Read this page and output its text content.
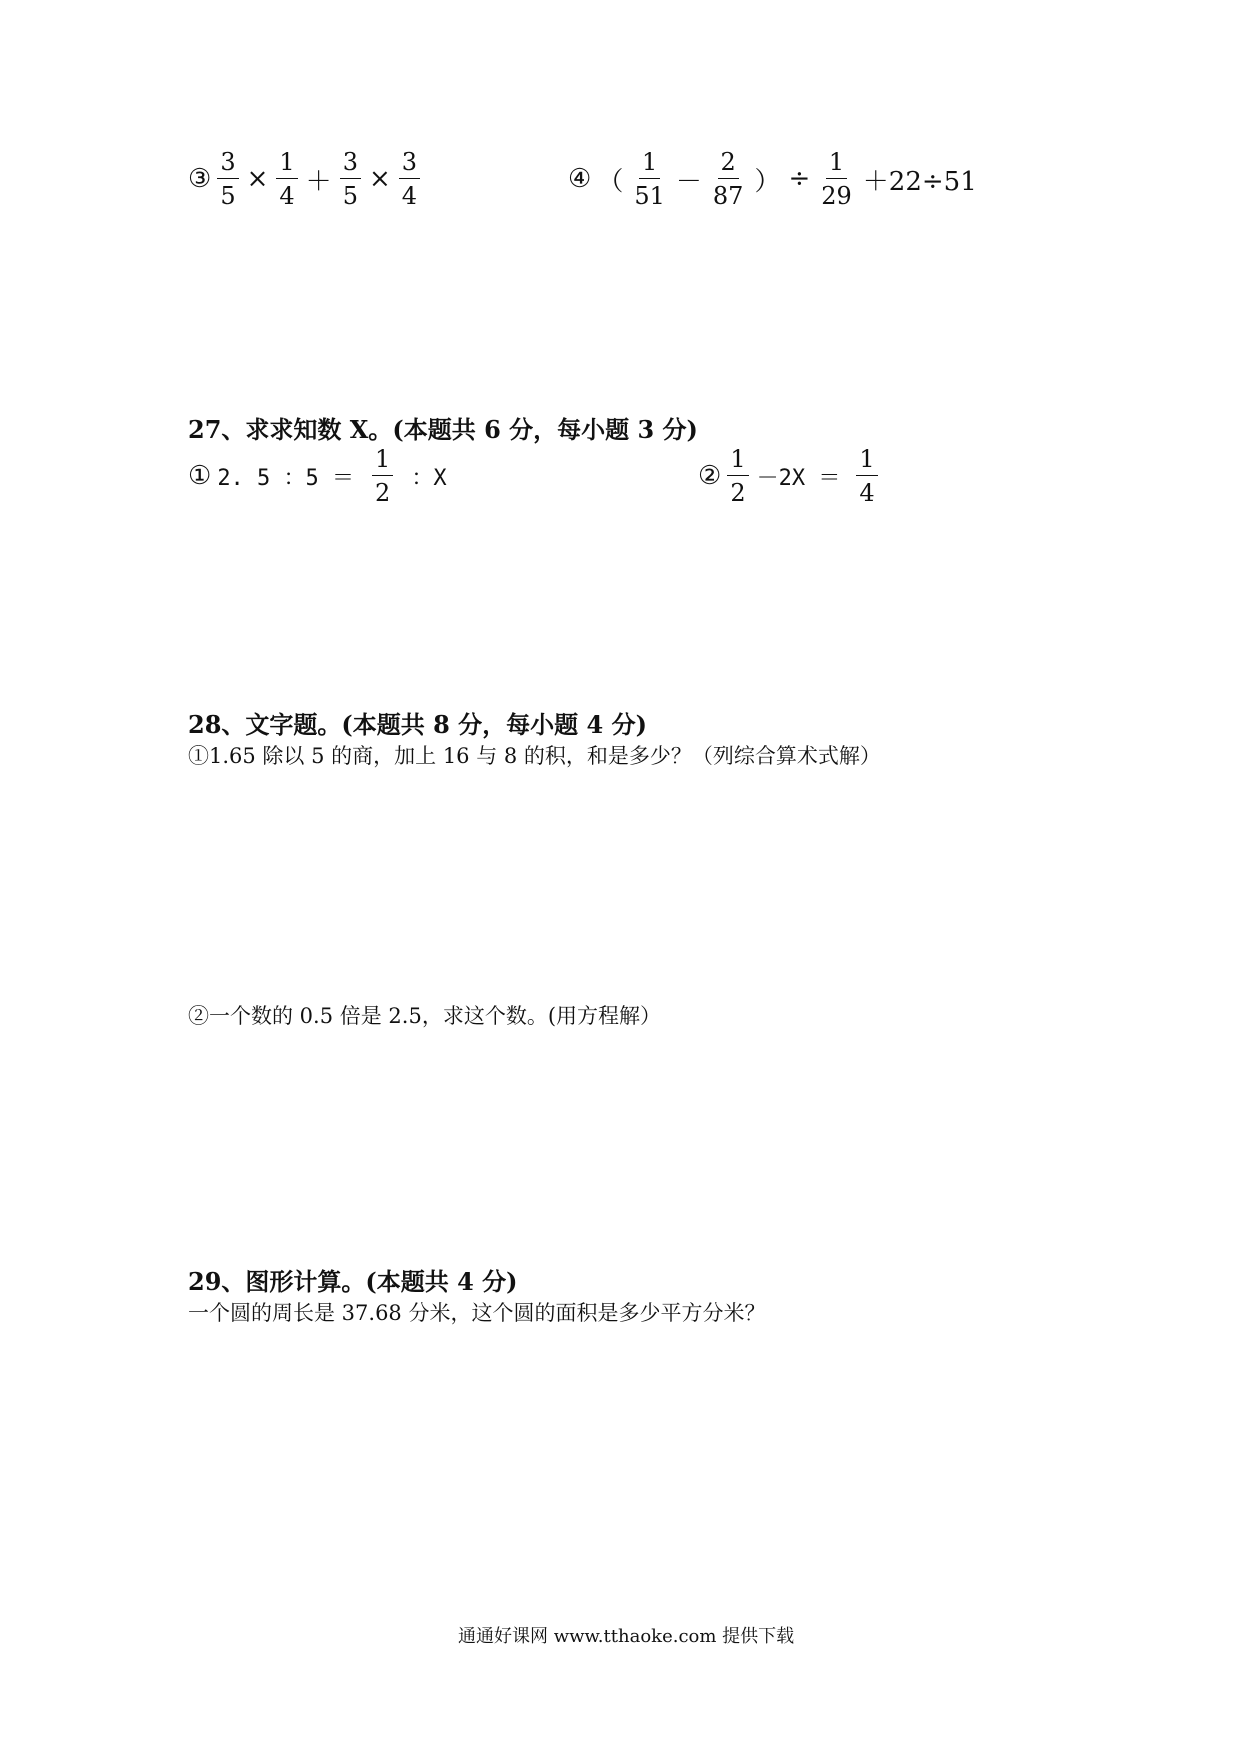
③ $\frac{3}{5} \times \frac{1}{4} + \frac{3}{5} \times \frac{3}{4}$	④ （ $\frac{1}{51} - \frac{2}{87}$ ） ÷ $\frac{1}{29} +22\div 51$
27、求求知数 X。(本题共 6 分，每小题 3 分)
① 2. 5 ：$5 = \frac{1}{2}$ ：X	② $\frac{1}{2} -2X = \frac{1}{4}$
28、文字题。(本题共 8 分，每小题 4 分)
①1.65 除以 5 的商，加上 16 与 8 的积，和是多少？（列综合算术式解）
②一个数的 0.5 倍是 2.5，求这个数。(用方程解）
29、图形计算。(本题共 4 分)
一个圆的周长是 37.68 分米，这个圆的面积是多少平方分米？
通通好课网 www.tthaoke.com 提供下载
